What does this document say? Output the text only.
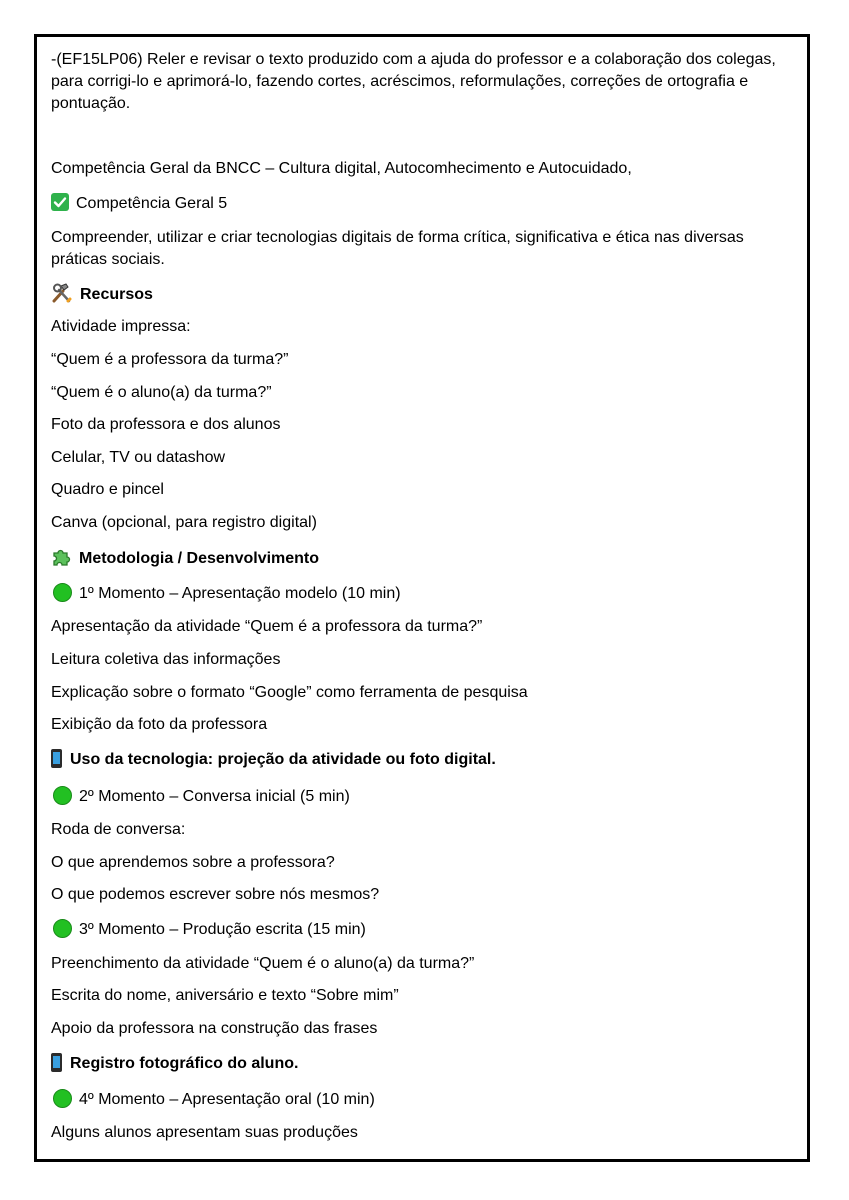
-(EF15LP06) Reler e revisar o texto produzido com a ajuda do professor e a colaboração dos colegas, para corrigi-lo e aprimorá-lo, fazendo cortes, acréscimos, reformulações, correções de ortografia e pontuação.
Competência Geral da BNCC – Cultura digital, Autocomhecimento e Autocuidado,
Competência Geral 5
Compreender, utilizar e criar tecnologias digitais de forma crítica, significativa e ética nas diversas práticas sociais.
Recursos
Atividade impressa:
“Quem é a professora da turma?”
“Quem é o aluno(a) da turma?”
Foto da professora e dos alunos
Celular, TV ou datashow
Quadro e pincel
Canva (opcional, para registro digital)
Metodologia / Desenvolvimento
1º Momento – Apresentação modelo (10 min)
Apresentação da atividade “Quem é a professora da turma?”
Leitura coletiva das informações
Explicação sobre o formato “Google” como ferramenta de pesquisa
Exibição da foto da professora
Uso da tecnologia: projeção da atividade ou foto digital.
2º Momento – Conversa inicial (5 min)
Roda de conversa:
O que aprendemos sobre a professora?
O que podemos escrever sobre nós mesmos?
3º Momento – Produção escrita (15 min)
Preenchimento da atividade “Quem é o aluno(a) da turma?”
Escrita do nome, aniversário e texto “Sobre mim”
Apoio da professora na construção das frases
Registro fotográfico do aluno.
4º Momento – Apresentação oral (10 min)
Alguns alunos apresentam suas produções
